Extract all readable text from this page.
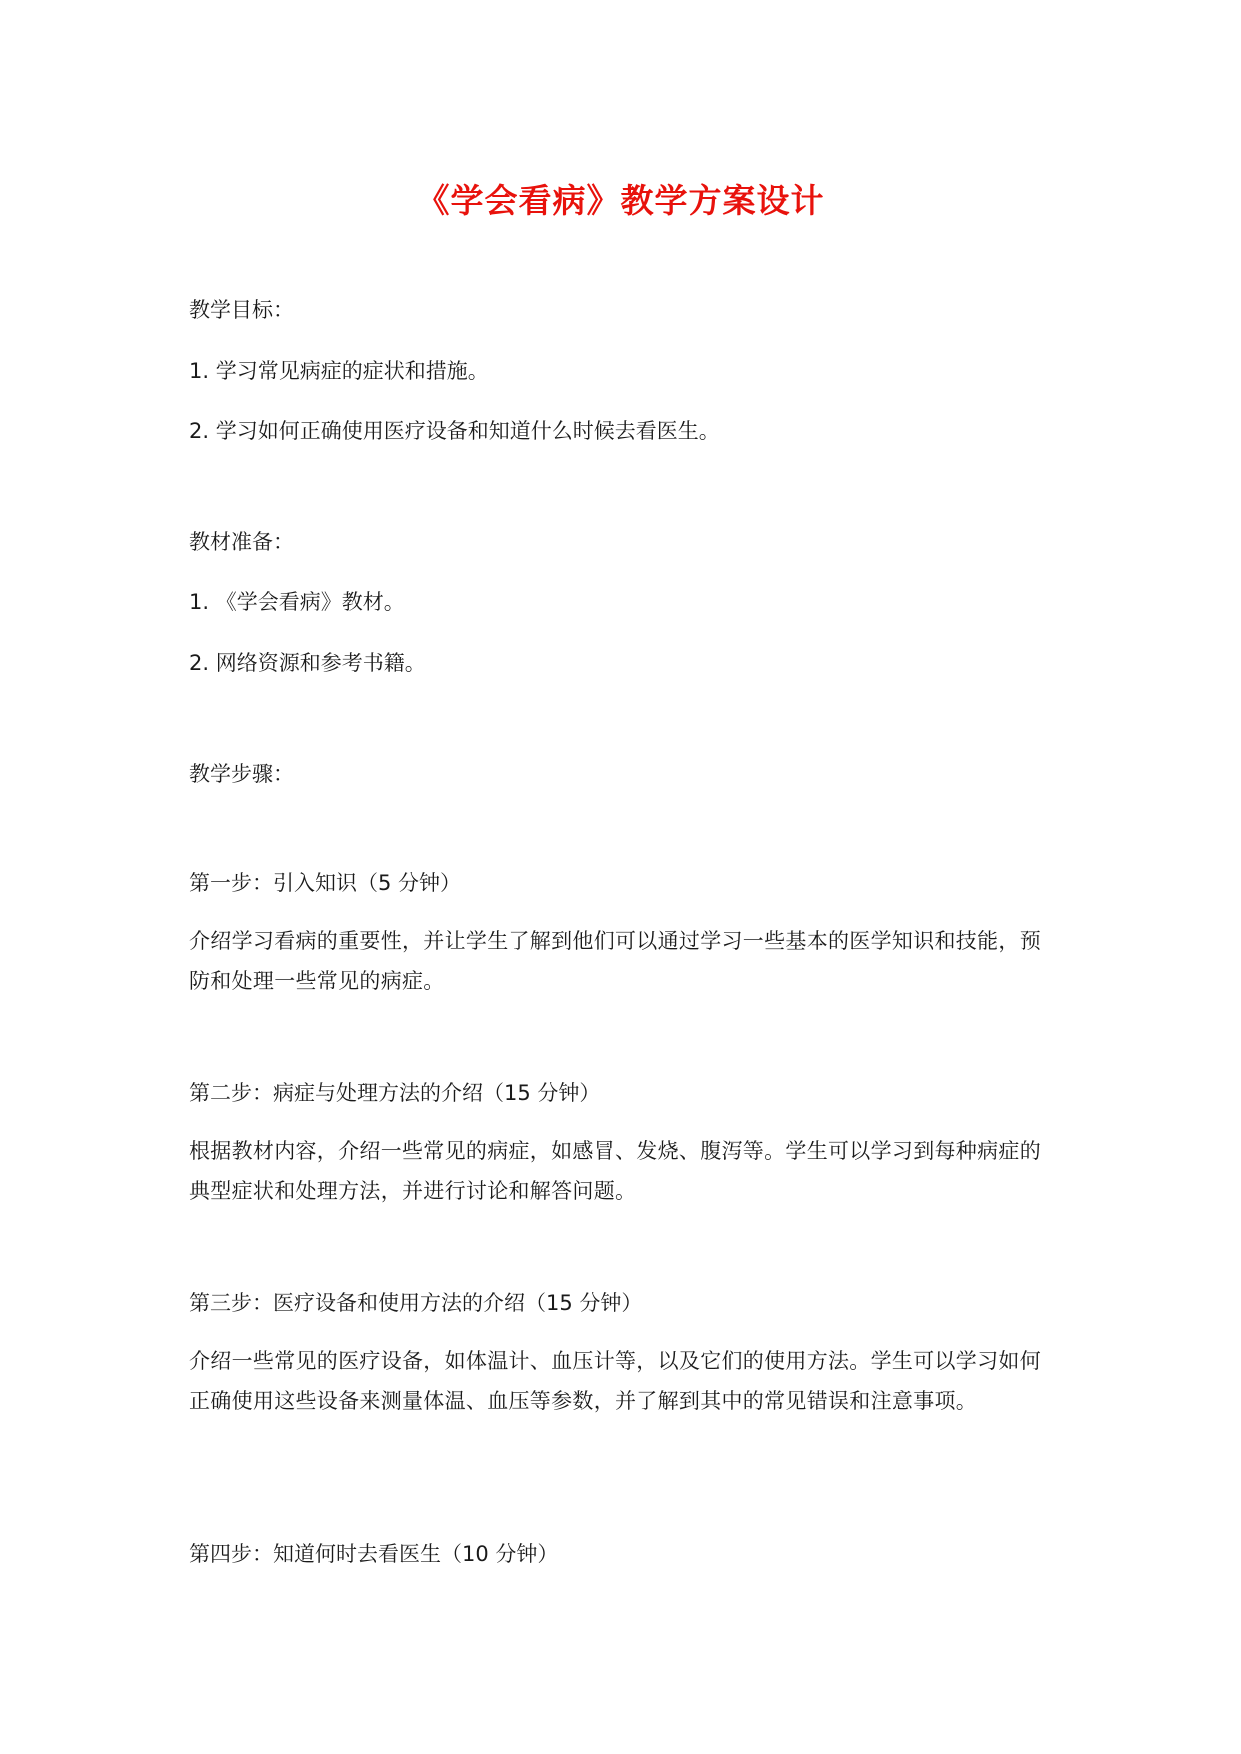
《学会看病》教学方案设计
教学目标：
1. 学习常见病症的症状和措施。
2. 学习如何正确使用医疗设备和知道什么时候去看医生。
教材准备：
1. 《学会看病》教材。
2. 网络资源和参考书籍。
教学步骤：
第一步：引入知识（5 分钟）
介绍学习看病的重要性，并让学生了解到他们可以通过学习一些基本的医学知识和技能，预防和处理一些常见的病症。
第二步：病症与处理方法的介绍（15 分钟）
根据教材内容，介绍一些常见的病症，如感冒、发烧、腹泻等。学生可以学习到每种病症的典型症状和处理方法，并进行讨论和解答问题。
第三步：医疗设备和使用方法的介绍（15 分钟）
介绍一些常见的医疗设备，如体温计、血压计等，以及它们的使用方法。学生可以学习如何正确使用这些设备来测量体温、血压等参数，并了解到其中的常见错误和注意事项。
第四步：知道何时去看医生（10 分钟）
